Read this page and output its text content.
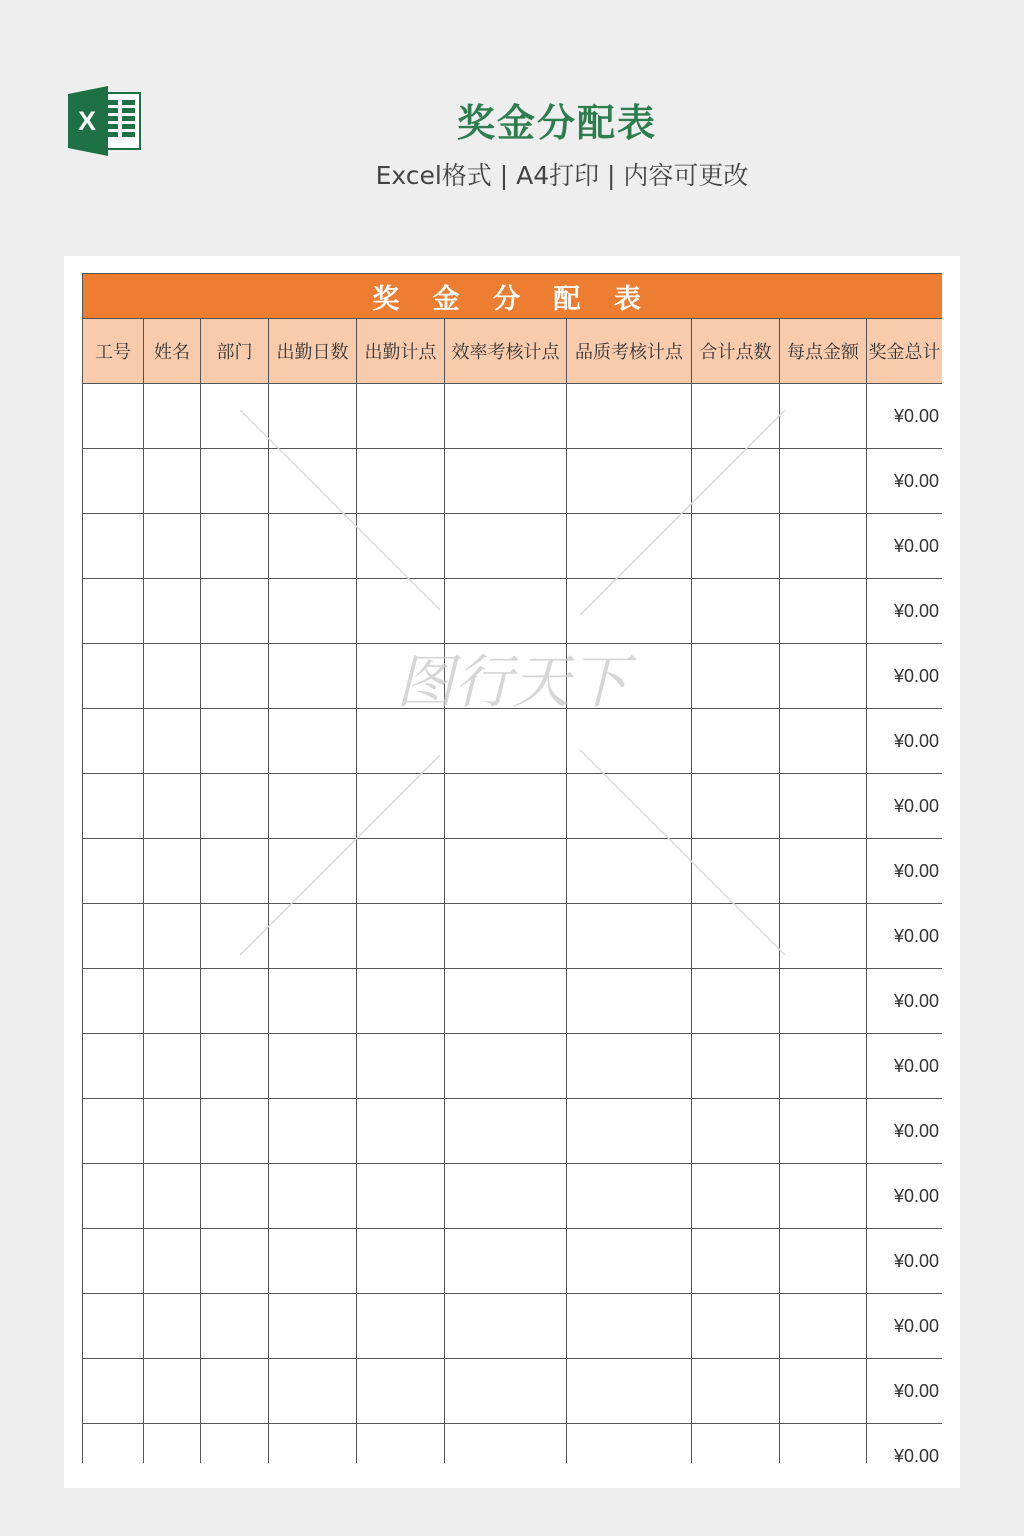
X	奖金分配表
Excel格式 | A4打印 | 内容可更改
奖 金 分 配 表									
工号	姓名	部门	出勤日数	出勤计点	效率考核计点	品质考核计点	合计点数	每点金额	奖金总计
									¥0.00
									¥0.00
									¥0.00
									¥0.00
									¥0.00
									¥0.00
									¥0.00
									¥0.00
									¥0.00
									¥0.00
									¥0.00
									¥0.00
									¥0.00
									¥0.00
									¥0.00
									¥0.00
									¥0.00
图行天下
